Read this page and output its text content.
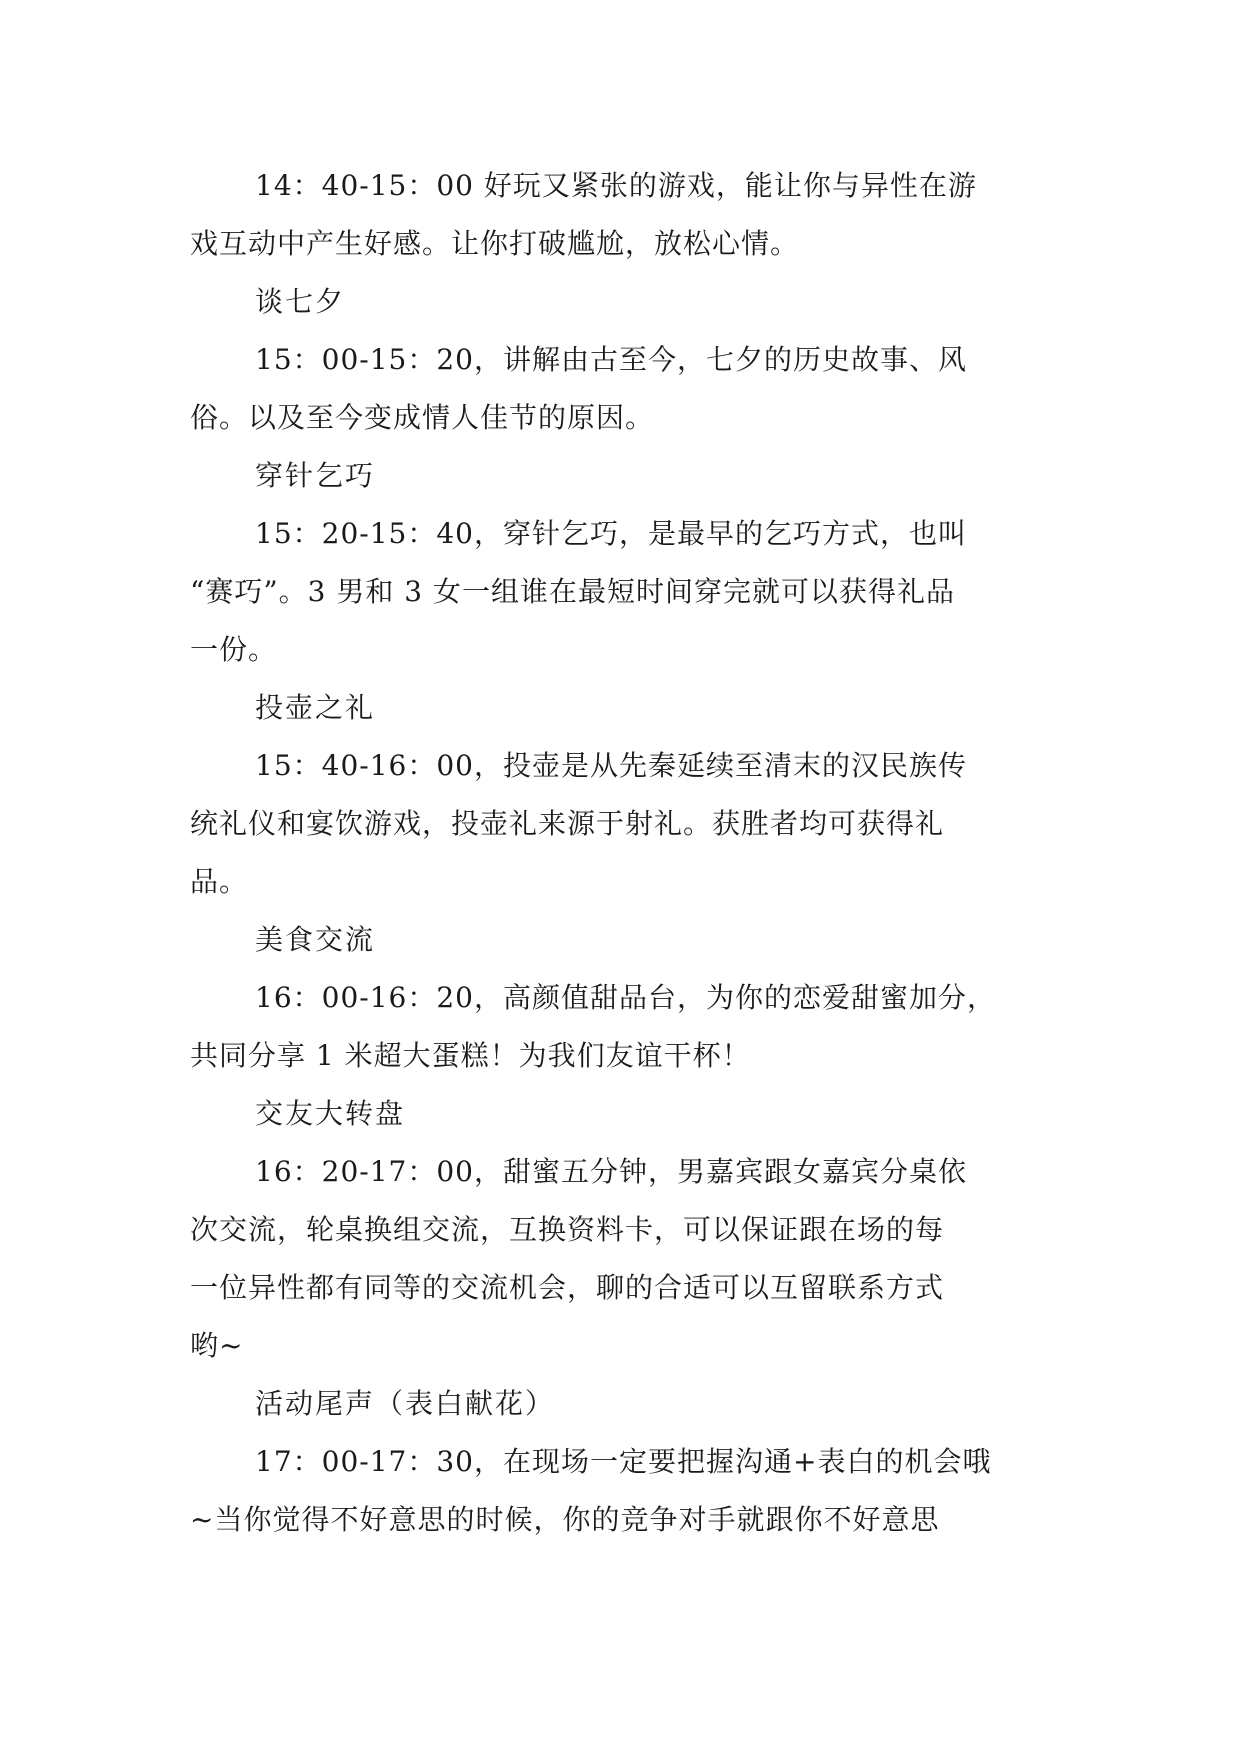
14：40-15：00 好玩又紧张的游戏，能让你与异性在游
戏互动中产生好感。让你打破尴尬，放松心情。
谈七夕
15：00-15：20，讲解由古至今，七夕的历史故事、风
俗。以及至今变成情人佳节的原因。
穿针乞巧
15：20-15：40，穿针乞巧，是最早的乞巧方式，也叫
“赛巧”。3 男和 3 女一组谁在最短时间穿完就可以获得礼品
一份。
投壶之礼
15：40-16：00，投壶是从先秦延续至清末的汉民族传
统礼仪和宴饮游戏，投壶礼来源于射礼。获胜者均可获得礼
品。
美食交流
16：00-16：20，高颜值甜品台，为你的恋爱甜蜜加分，
共同分享 1 米超大蛋糕！为我们友谊干杯！
交友大转盘
16：20-17：00，甜蜜五分钟，男嘉宾跟女嘉宾分桌依
次交流，轮桌换组交流，互换资料卡，可以保证跟在场的每
一位异性都有同等的交流机会，聊的合适可以互留联系方式
哟~
活动尾声（表白献花）
17：00-17：30，在现场一定要把握沟通+表白的机会哦
~当你觉得不好意思的时候，你的竞争对手就跟你不好意思
